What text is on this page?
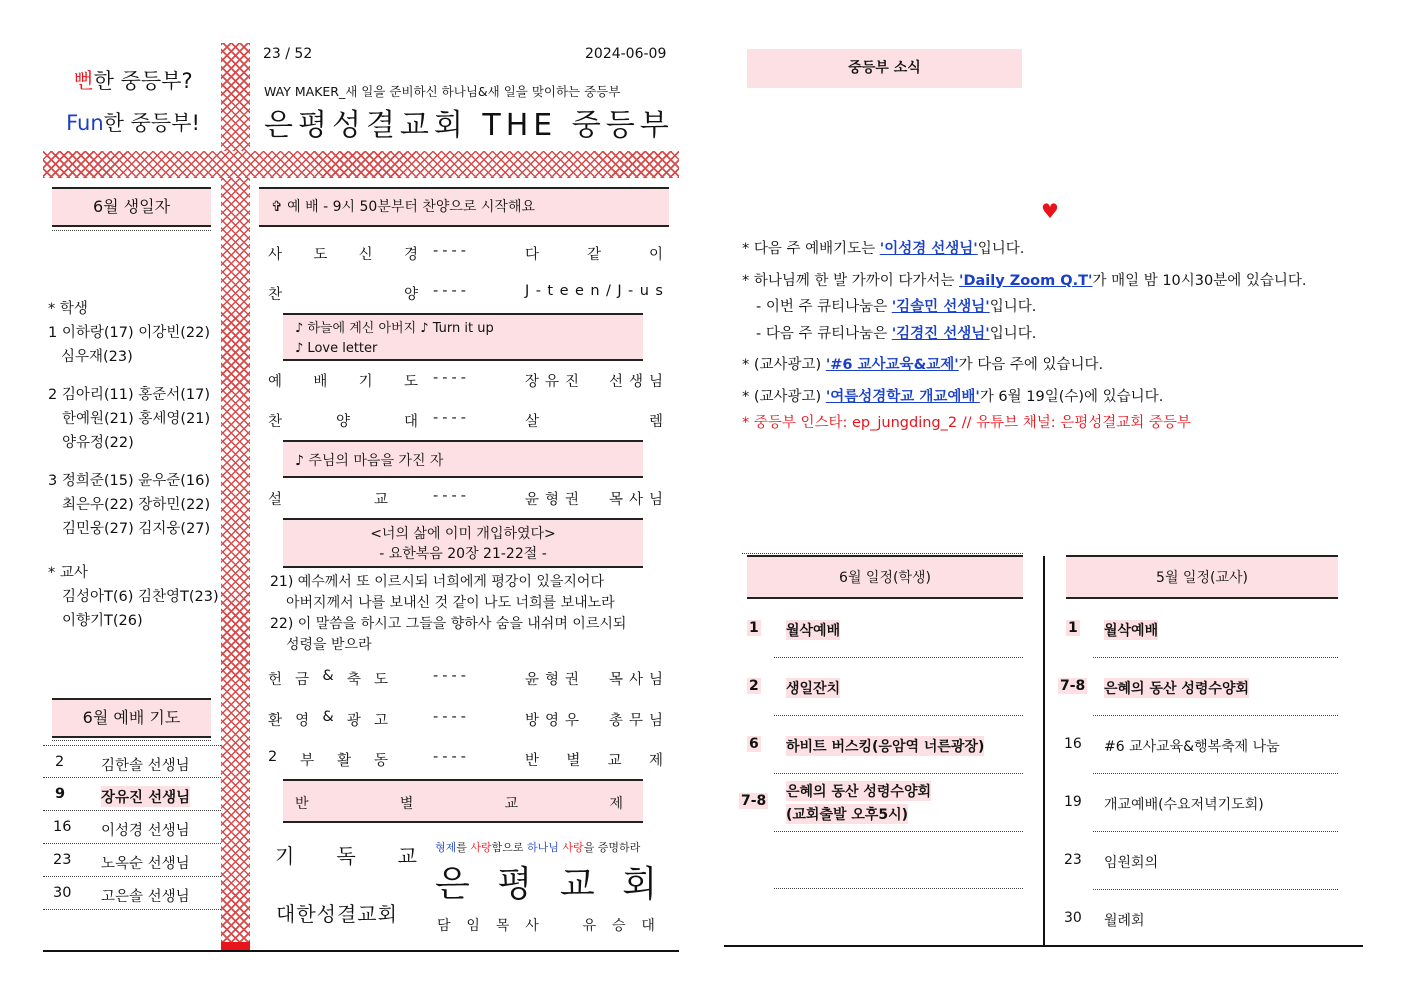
뻔한 중등부?
Fun한 중등부!
23 / 52	2024-06-09
WAY MAKER_새 일을 준비하신 하나님&새 일을 맞이하는 중등부
은평성결교회 THE 중등부
6월 생일자
* 학생
1 이하랑(17) 이강빈(22)
심우재(23)
2 김아리(11) 홍준서(17)
한예원(21) 홍세영(21)
양유정(22)
3 정희준(15) 윤우준(16)
최은우(22) 장하민(22)
김민웅(27) 김지웅(27)
* 교사
김성아T(6) 김찬영T(23)
이향기T(26)
6월 예배 기도
2	김한솔 선생님
9 장유진 선생님
16 이성경 선생님
23 노옥순 선생님
30 고은솔 선생님
✞ 예 배 - 9시 50분부터 찬양으로 시작해요
사 도 신 경 ----	다	같	이
찬	양 ----	J - t e e n / J - u s
♪ 하늘에 계신 아버지 ♪ Turn it up
♪ Love letter
예 배 기 도 ----	장 유 진 선 생 님
찬	양	대 ----	살	렘
♪ 주님의 마음을 가진 자
설	교	----	윤 형 권 목 사 님
<너의 삶에 이미 개입하였다>
- 요한복음 20장 21-22절 -
21) 예수께서 또 이르시되 너희에게 평강이 있을지어다
아버지께서 나를 보내신 것 같이 나도 너희를 보내노라
22) 이 말씀을 하시고 그들을 향하사 숨을 내쉬며 이르시되
성령을 받으라
헌 금 & 축 도	----	윤 형 권 목 사 님
환 영 & 광 고	----	방 영 우 총 무 님
2 부 활 동	----	반 별 교 제
반	별	교	제
기 독 교
대한성결교회
형제를 사랑함으로 하나님 사랑을 증명하라
은 평 교 회
담 임 목 사	유 승 대
중등부 소식
♥
* 다음 주 예배기도는 '이성경 선생님'입니다.
* 하나님께 한 발 가까이 다가서는 'Daily Zoom Q.T'가 매일 밤 10시30분에 있습니다.
- 이번 주 큐티나눔은 '김솔민 선생님'입니다.
- 다음 주 큐티나눔은 '김경진 선생님'입니다.
* (교사광고) '#6 교사교육&교제'가 다음 주에 있습니다.
* (교사광고) '여름성경학교 개교예배'가 6월 19일(수)에 있습니다.
* 중등부 인스타: ep_jungding_2 // 유튜브 채널: 은평성결교회 중등부
6월 일정(학생)	5월 일정(교사)
1 월삭예배
2 생일잔치
6 하비트 버스킹(응암역 너른광장)
7-8
은혜의 동산 성령수양회
(교회출발 오후5시)
1 월삭예배
7-8 은혜의 동산 성령수양회
16 #6 교사교육&행복축제 나눔
19 개교예배(수요저녁기도회)
23 임원회의
30 월례회
